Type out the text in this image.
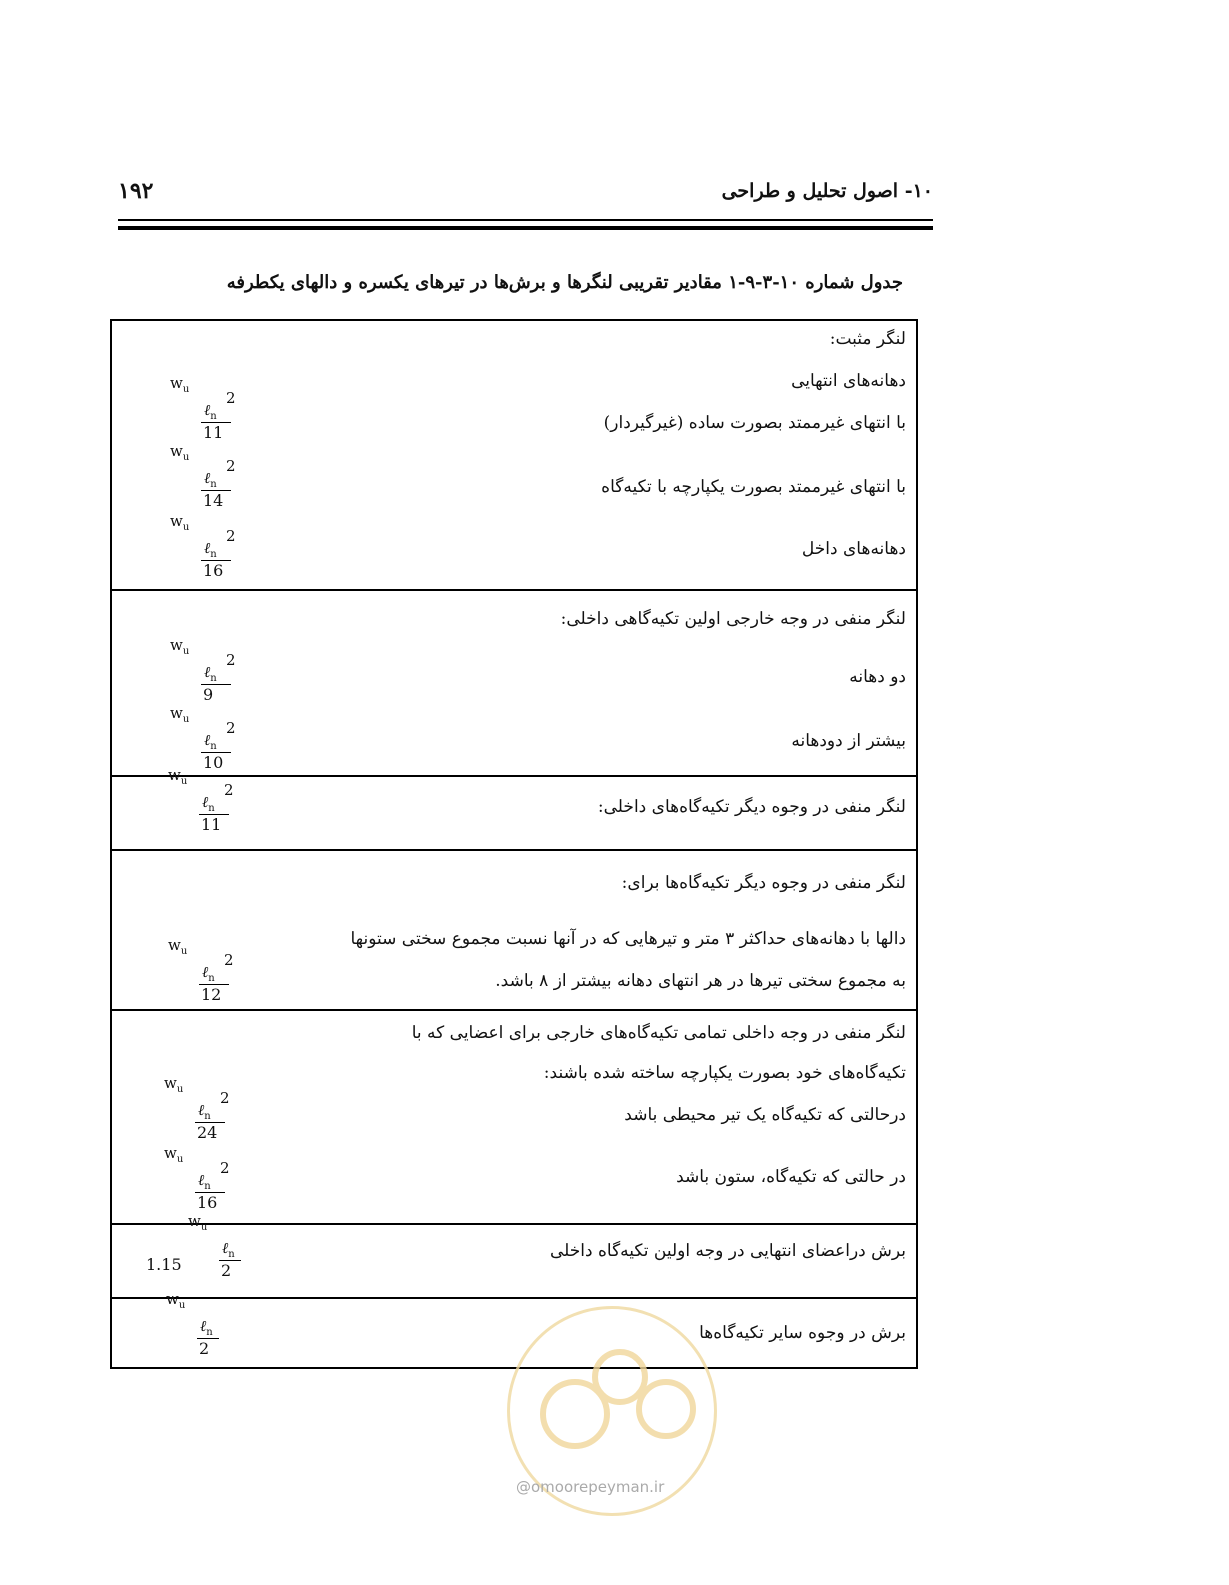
۱۹۲	۱۰- اصول تحلیل و طراحی
جدول شماره ۱۰-۳-۹-۱ مقادیر تقریبی لنگرها و برش‌ها در تیرهای یکسره و دالهای یکطرفه
لنگر مثبت:
دهانه‌های انتهایی
با انتهای غیرممتد بصورت ساده (غیرگیردار)
با انتهای غیرممتد بصورت یکپارچه با تکیه‌گاه
دهانه‌های داخل
$w_u$
ℓ$_n$
2
11
$w_u$
ℓ$_n$
2
14
$w_u$
ℓ$_n$
2
16
لنگر منفی در وجه خارجی اولین تکیه‌گاهی داخلی:
دو دهانه
بیشتر از دودهانه
$w_u$
ℓ$_n$
2
9
$w_u$
ℓ$_n$
2
10
لنگر منفی در وجوه دیگر تکیه‌گاه‌های داخلی:
$w_u$
ℓ$_n$
2
11
لنگر منفی در وجوه دیگر تکیه‌گاه‌ها برای:
دالها با دهانه‌های حداکثر ۳ متر و تیرهایی که در آنها نسبت مجموع سختی ستونها
به مجموع سختی تیرها در هر انتهای دهانه بیشتر از ۸ باشد.
$w_u$
ℓ$_n$
2
12
لنگر منفی در وجه داخلی تمامی تکیه‌گاه‌های خارجی برای اعضایی که با
تکیه‌گاه‌های خود بصورت یکپارچه ساخته شده باشند:
درحالتی که تکیه‌گاه یک تیر محیطی باشد
در حالتی که تکیه‌گاه، ستون باشد
$w_u$
ℓ$_n$
2
24
$w_u$
ℓ$_n$
2
16
برش دراعضای انتهایی در وجه اولین تکیه‌گاه داخلی
1.15
$w_u$
ℓ$_n$
2
برش در وجوه سایر تکیه‌گاه‌ها
$w_u$
ℓ$_n$
2
@omoorepeyman.ir
